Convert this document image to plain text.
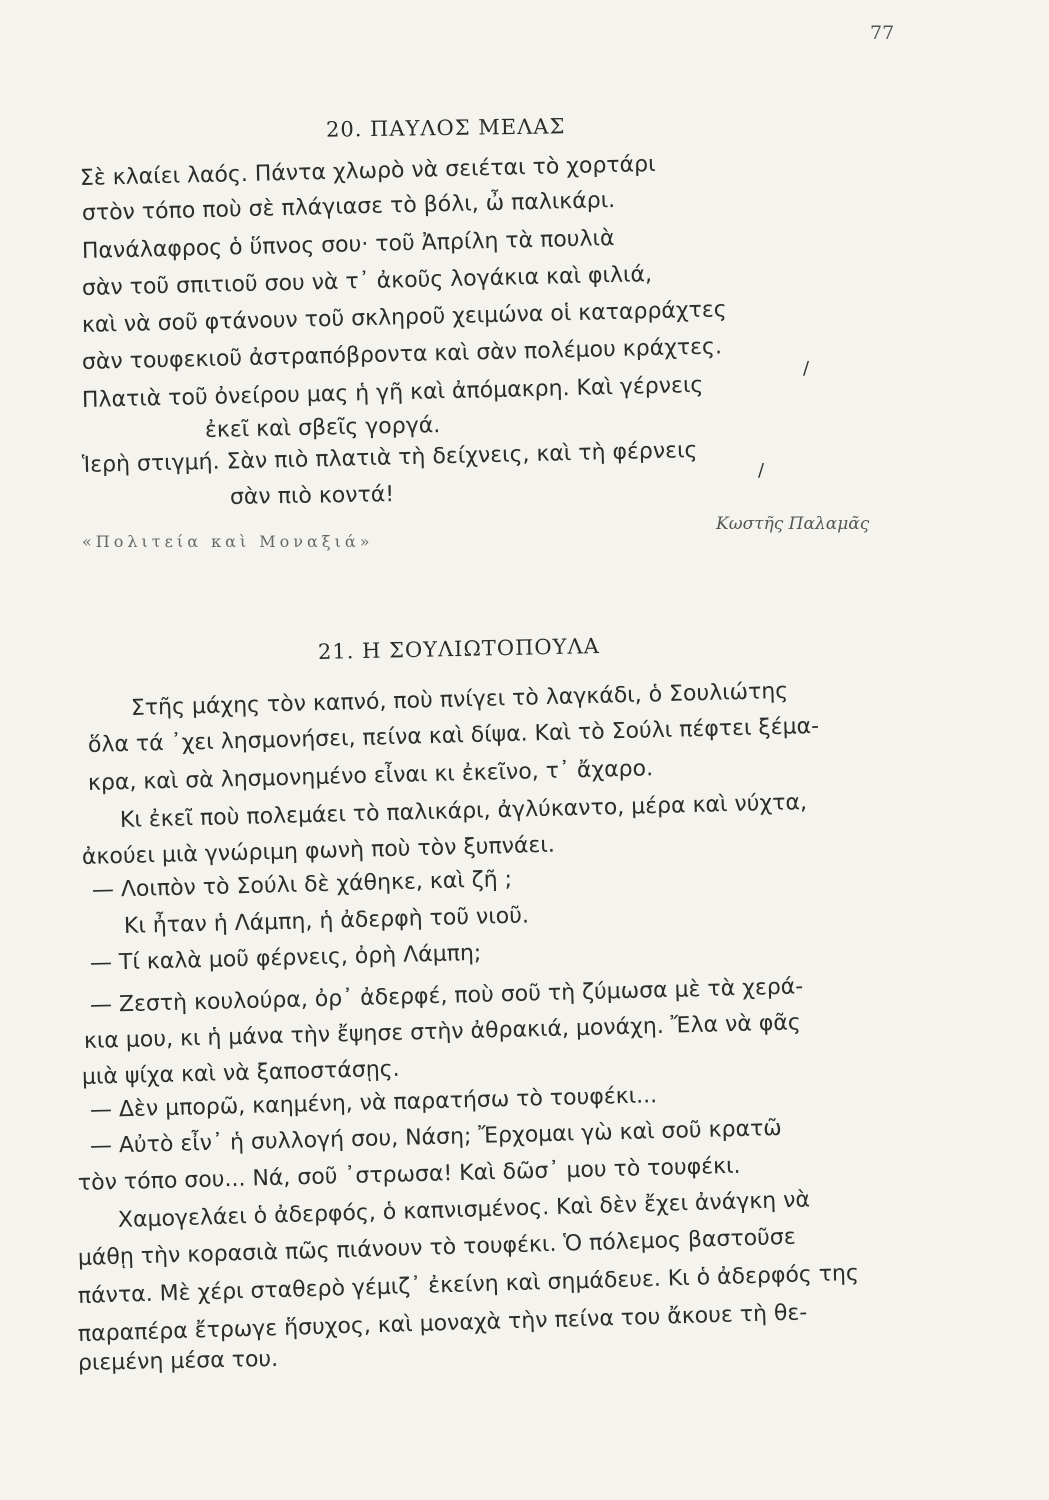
77
20. ΠΑΥΛΟΣ ΜΕΛΑΣ
Σὲ κλαίει λαός. Πάντα χλωρὸ νὰ σειέται τὸ χορτάρι
στὸν τόπο ποὺ σὲ πλάγιασε τὸ βόλι, ὦ παλικάρι.
Πανάλαφρος ὁ ὕπνος σου· τοῦ Ἀπρίλη τὰ πουλιὰ
σὰν τοῦ σπιτιοῦ σου νὰ τ᾿ ἀκοῦς λογάκια καὶ φιλιά,
καὶ νὰ σοῦ φτάνουν τοῦ σκληροῦ χειμώνα οἱ καταρράχτες
σὰν τουφεκιοῦ ἀστραπόβροντα καὶ σὰν πολέμου κράχτες.
Πλατιὰ τοῦ ὀνείρου μας ἡ γῆ καὶ ἀπόμακρη. Καὶ γέρνεις
ἐκεῖ καὶ σβεῖς γοργά.
Ἱερὴ στιγμή. Σὰν πιὸ πλατιὰ τὴ δείχνεις, καὶ τὴ φέρνεις
σὰν πιὸ κοντά!
/
/
«Πολιτεία καὶ Μοναξιά»
Κωστῆς Παλαμᾶς
21. Η ΣΟΥΛΙΩΤΟΠΟΥΛΑ
Στῆς μάχης τὸν καπνό, ποὺ πνίγει τὸ λαγκάδι, ὁ Σουλιώτης
ὅλα τά ᾿χει λησμονήσει, πείνα καὶ δίψα. Καὶ τὸ Σούλι πέφτει ξέμα-
κρα, καὶ σὰ λησμονημένο εἶναι κι ἐκεῖνο, τ᾿ ἄχαρο.
Κι ἐκεῖ ποὺ πολεμάει τὸ παλικάρι, ἀγλύκαντο, μέρα καὶ νύχτα,
ἀκούει μιὰ γνώριμη φωνὴ ποὺ τὸν ξυπνάει.
— Λοιπὸν τὸ Σούλι δὲ χάθηκε, καὶ ζῆ ;
Κι ἦταν ἡ Λάμπη, ἡ ἀδερφὴ τοῦ νιοῦ.
— Τί καλὰ μοῦ φέρνεις, ὀρὴ Λάμπη;
— Ζεστὴ κουλούρα, ὀρ᾿ ἀδερφέ, ποὺ σοῦ τὴ ζύμωσα μὲ τὰ χερά-
κια μου, κι ἡ μάνα τὴν ἔψησε στὴν ἀθρακιά, μονάχη. Ἔλα νὰ φᾶς
μιὰ ψίχα καὶ νὰ ξαποστάσῃς.
— Δὲν μπορῶ, καημένη, νὰ παρατήσω τὸ τουφέκι...
— Αὐτὸ εἶν᾿ ἡ συλλογή σου, Νάση; Ἔρχομαι γὼ καὶ σοῦ κρατῶ
τὸν τόπο σου... Νά, σοῦ ᾿στρωσα! Καὶ δῶσ᾿ μου τὸ τουφέκι.
Χαμογελάει ὁ ἀδερφός, ὁ καπνισμένος. Καὶ δὲν ἔχει ἀνάγκη νὰ
μάθῃ τὴν κορασιὰ πῶς πιάνουν τὸ τουφέκι. Ὁ πόλεμος βαστοῦσε
πάντα. Μὲ χέρι σταθερὸ γέμιζ᾿ ἐκείνη καὶ σημάδευε. Κι ὁ ἀδερφός της
παραπέρα ἔτρωγε ἥσυχος, καὶ μοναχὰ τὴν πείνα του ἄκουε τὴ θε-
ριεμένη μέσα του.
